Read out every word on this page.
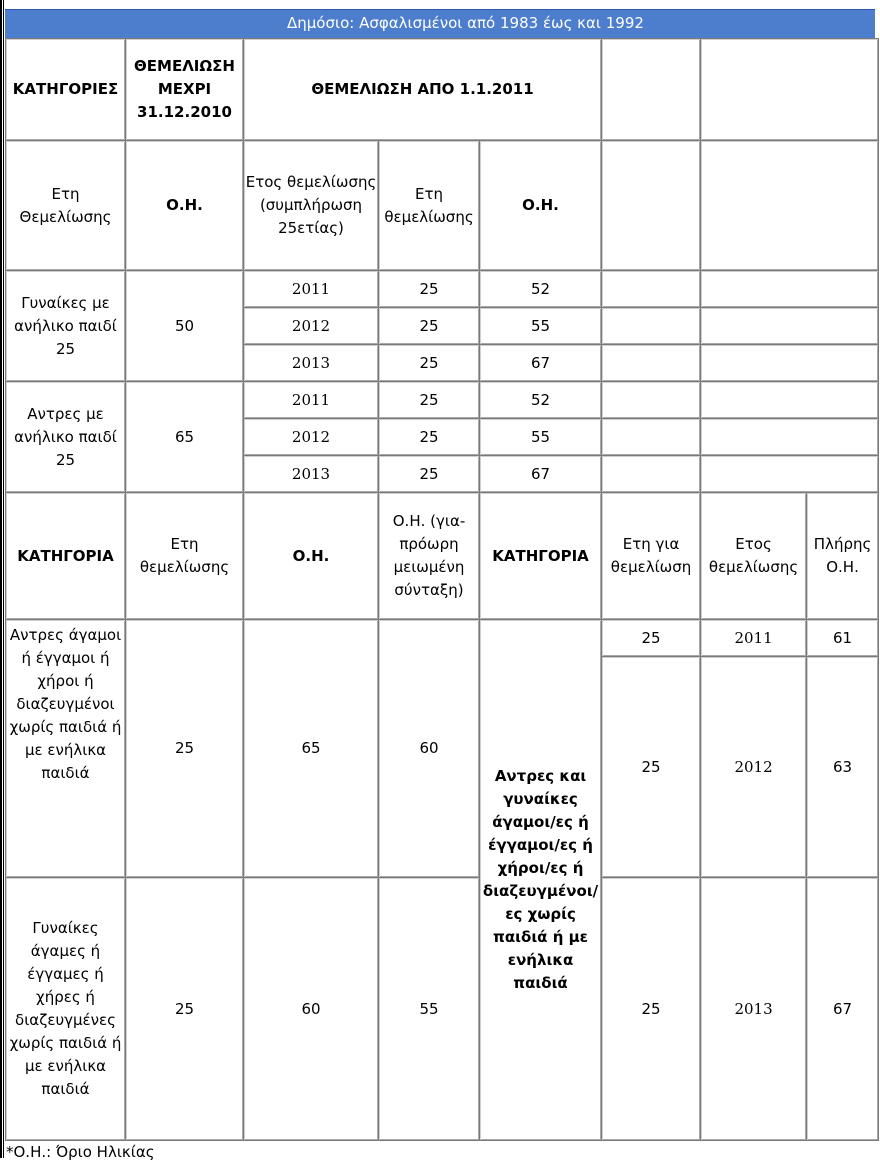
Δημόσιο: Ασφαλισμένοι από 1983 έως και 1992
ΚΑΤΗΓΟΡΙΕΣ	ΘΕΜΕΛΙΩΣΗ ΜΕΧΡΙ 31.12.2010	ΘΕΜΕΛΙΩΣΗ ΑΠΟ 1.1.2011					
Ετη Θεμελίωσης	Ο.Η.	Ετος θεμελίωσης (συμπλήρωση 25ετίας)	Ετη θεμελίωσης	Ο.Η.			
Γυναίκες με ανήλικο παιδί 25	50	2011	25	52			
		2012	25	55			
		2013	25	67			
Αντρες με ανήλικο παιδί 25	65	2011	25	52			
		2012	25	55			
		2013	25	67			
ΚΑΤΗΓΟΡΙΑ	Ετη θεμελίωσης	Ο.Η.	Ο.Η. (για-πρόωρη μειωμένη σύνταξη)	ΚΑΤΗΓΟΡΙΑ	Ετη για θεμελίωση	Ετος θεμελίωσης	Πλήρης Ο.Η.
Αντρες άγαμοι ή έγγαμοι ή χήροι ή διαζευγμένοι χωρίς παιδιά ή με ενήλικα παιδιά	25	65	60	Αντρες και γυναίκες άγαμοι/ες ή έγγαμοι/ες ή χήροι/ες ή διαζευγμένοι/ες χωρίς παιδιά ή με ενήλικα παιδιά	25	2011	61
					25	2012	63
Γυναίκες άγαμες ή έγγαμες ή χήρες ή διαζευγμένες χωρίς παιδιά ή με ενήλικα παιδιά	25	60	55		25	2013	67

*Ο.Η.: Όριο Ηλικίας
